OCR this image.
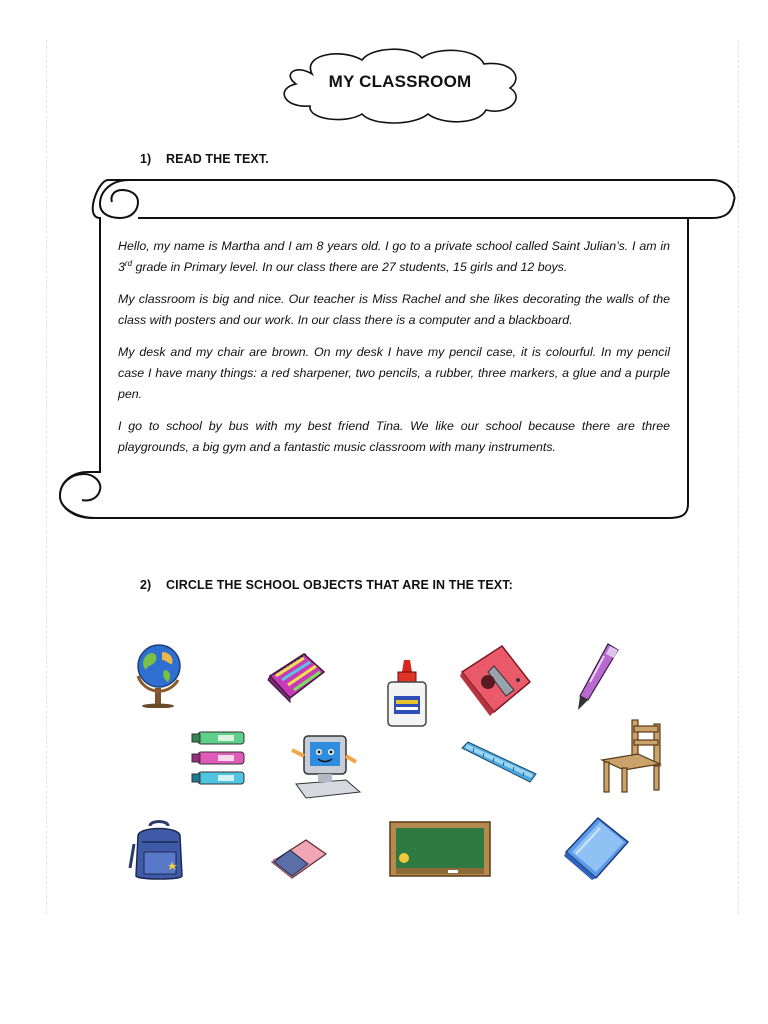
MY CLASSROOM
1) READ THE TEXT.

Hello, my name is Martha and I am 8 years old. I go to a private school called Saint Julian’s. I am in 3rd grade in Primary level. In our class there are 27 students, 15 girls and 12 boys.

My classroom is big and nice. Our teacher is Miss Rachel and she likes decorating the walls of the class with posters and our work. In our class there is a computer and a blackboard.

My desk and my chair are brown. On my desk I have my pencil case, it is colourful. In my pencil case I have many things: a red sharpener, two pencils, a rubber, three markers, a glue and a purple pen.

I go to school by bus with my best friend Tina. We like our school because there are three playgrounds, a big gym and a fantastic music classroom with many instruments.

2) CIRCLE THE SCHOOL OBJECTS THAT ARE IN THE TEXT:
